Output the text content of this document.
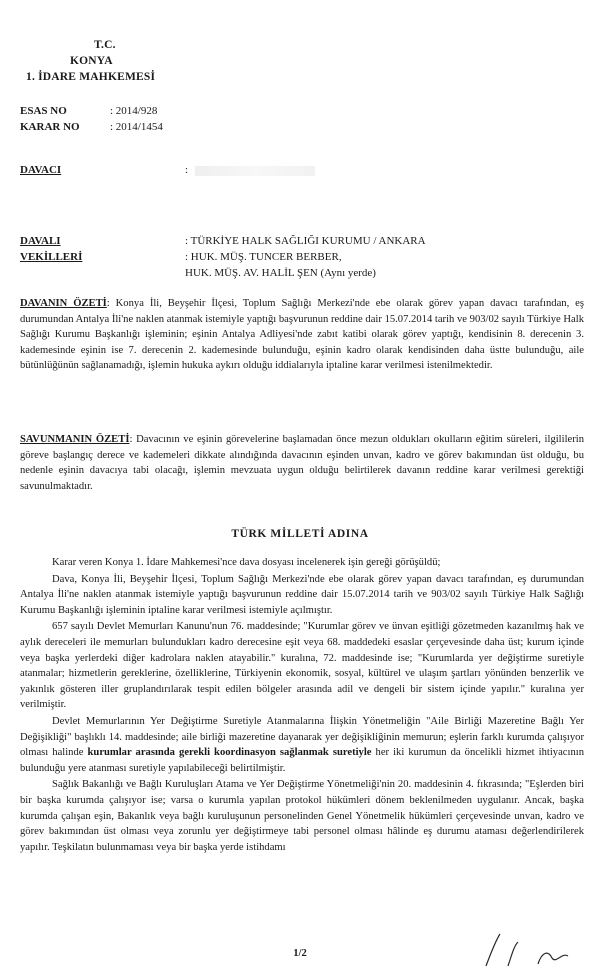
T.C.
KONYA
1. İDARE MAHKEMESİ
ESAS NO	: 2014/928
KARAR NO	: 2014/1454
DAVACI	:
DAVALI	: TÜRKİYE HALK SAĞLIĞI KURUMU / ANKARA
VEKİLLERİ	: HUK. MÜŞ. TUNCER BERBER,
HUK. MÜŞ. AV. HALİL ŞEN (Aynı yerde)

DAVANIN ÖZETİ: Konya İli, Beyşehir İlçesi, Toplum Sağlığı Merkezi'nde ebe olarak görev yapan davacı tarafından, eş durumundan Antalya İli'ne naklen atanmak istemiyle yaptığı başvurunun reddine dair 15.07.2014 tarih ve 903/02 sayılı Türkiye Halk Sağlığı Kurumu Başkanlığı işleminin; eşinin Antalya Adliyesi'nde zabıt katibi olarak görev yaptığı, kendisinin 8. derecenin 3. kademesinde eşinin ise 7. derecenin 2. kademesinde bulunduğu, eşinin kadro olarak kendisinden daha üstte bulunduğu, aile bütünlüğünün sağlanamadığı, işlemin hukuka aykırı olduğu iddialarıyla iptaline karar verilmesi istenilmektedir.

SAVUNMANIN ÖZETİ: Davacının ve eşinin görevelerine başlamadan önce mezun oldukları okulların eğitim süreleri, ilgililerin göreve başlangıç derece ve kademeleri dikkate alındığında davacının eşinden unvan, kadro ve görev bakımından üst olduğu, bu nedenle eşinin davacıya tabi olacağı, işlemin mevzuata uygun olduğu belirtilerek davanın reddine karar verilmesi gerektiği savunulmaktadır.

TÜRK MİLLETİ ADINA

Karar veren Konya 1. İdare Mahkemesi'nce dava dosyası incelenerek işin gereği görüşüldü;

Dava, Konya İli, Beyşehir İlçesi, Toplum Sağlığı Merkezi'nde ebe olarak görev yapan davacı tarafından, eş durumundan Antalya İli'ne naklen atanmak istemiyle yaptığı başvurunun reddine dair 15.07.2014 tarih ve 903/02 sayılı Türkiye Halk Sağlığı Kurumu Başkanlığı işleminin iptaline karar verilmesi istemiyle açılmıştır.

657 sayılı Devlet Memurları Kanunu'nun 76. maddesinde; "Kurumlar görev ve ünvan eşitliği gözetmeden kazanılmış hak ve aylık dereceleri ile memurları bulundukları kadro derecesine eşit veya 68. maddedeki esaslar çerçevesinde daha üst; kurum içinde veya başka yerlerdeki diğer kadrolara naklen atayabilir." kuralına, 72. maddesinde ise; "Kurumlarda yer değiştirme suretiyle atanmalar; hizmetlerin gereklerine, özelliklerine, Türkiyenin ekonomik, sosyal, kültürel ve ulaşım şartları yönünden benzerlik ve yakınlık gösteren iller gruplandırılarak tespit edilen bölgeler arasında adil ve dengeli bir sistem içinde yapılır." kuralına yer verilmiştir.

Devlet Memurlarının Yer Değiştirme Suretiyle Atanmalarına İlişkin Yönetmeliğin "Aile Birliği Mazeretine Bağlı Yer Değişikliği" başlıklı 14. maddesinde; aile birliği mazeretine dayanarak yer değişikliğinin memurun; eşlerin farklı kurumda çalışıyor olması halinde kurumlar arasında gerekli koordinasyon sağlanmak suretiyle her iki kurumun da öncelikli hizmet ihtiyacının bulunduğu yere atanması suretiyle yapılabileceği belirtilmiştir.

Sağlık Bakanlığı ve Bağlı Kuruluşları Atama ve Yer Değiştirme Yönetmeliği'nin 20. maddesinin 4. fıkrasında; "Eşlerden biri bir başka kurumda çalışıyor ise; varsa o kurumla yapılan protokol hükümleri dönem beklenilmeden uygulanır. Ancak, başka kurumda çalışan eşin, Bakanlık veya bağlı kuruluşunun personelinden Genel Yönetmelik hükümleri çerçevesinde unvan, kadro ve görev bakımından üst olması veya zorunlu yer değiştirmeye tabi personel olması hâlinde eş durumu ataması değerlendirilerek yapılır. Teşkilatın bulunmaması veya bir başka yerde istihdamı

1/2
